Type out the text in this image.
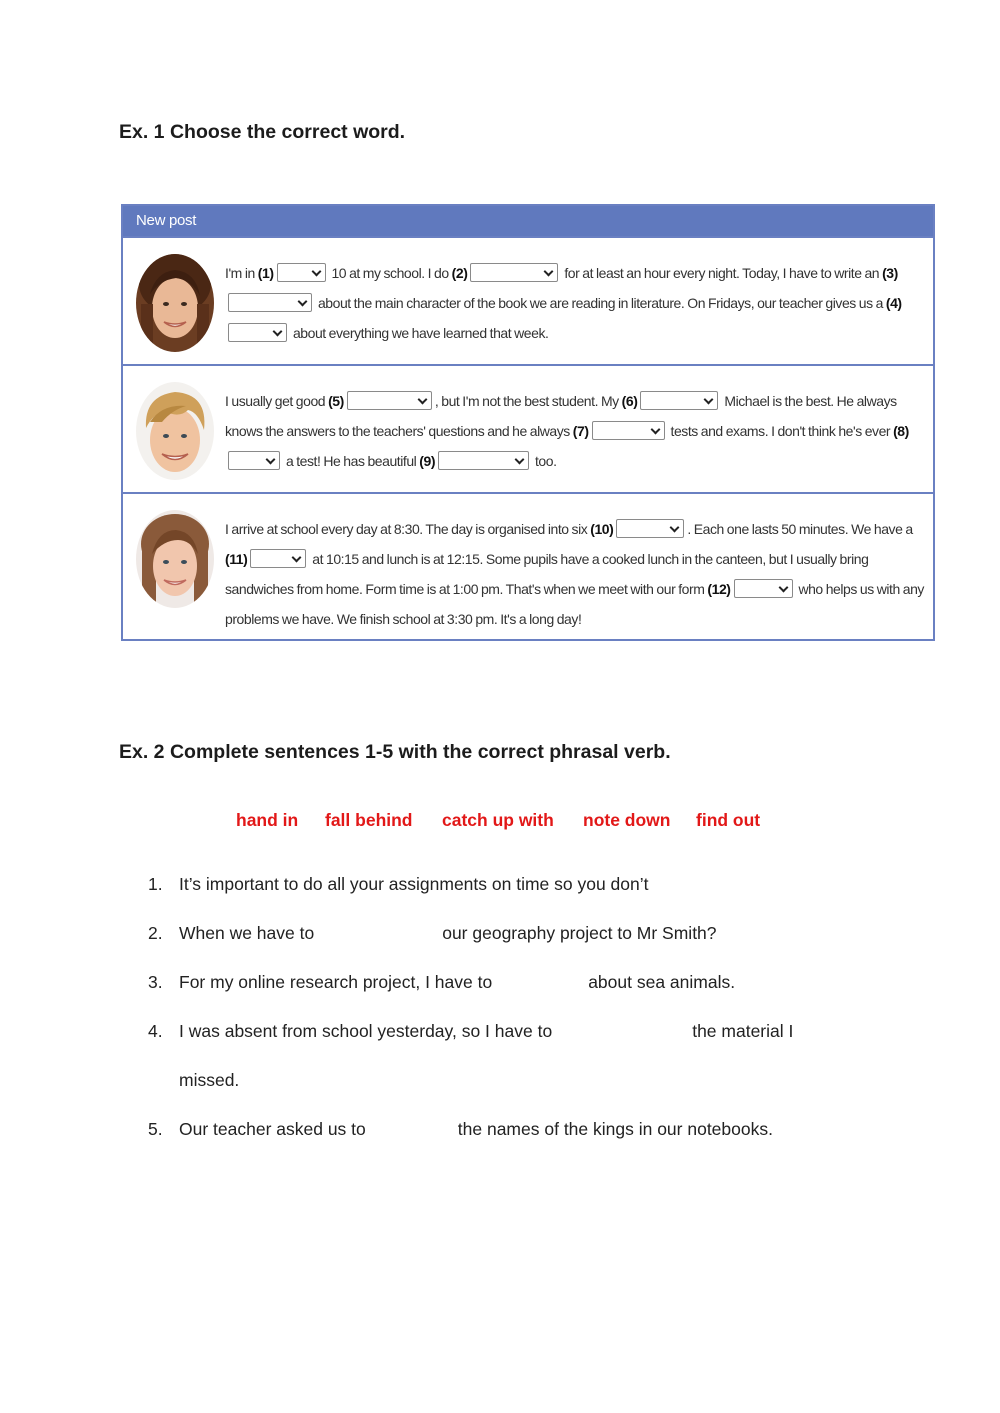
Ex. 1 Choose the correct word.
New post
I'm in (1)	10 at my school. I do (2)	for at least an hour every night. Today, I have to write an (3) about the main character of the book we are reading in literature. On Fridays, our teacher gives us a (4) about everything we have learned that week.
I usually get good (5)	, but I'm not the best student. My (6)	Michael is the best. He always knows the answers to the teachers' questions and he always (7)	tests and exams. I don't think he's ever (8) a test! He has beautiful (9)	too.
I arrive at school every day at 8:30. The day is organised into six (10)	. Each one lasts 50 minutes. We have a (11)	at 10:15 and lunch is at 12:15. Some pupils have a cooked lunch in the canteen, but I usually bring sandwiches from home. Form time is at 1:00 pm. That's when we meet with our form (12)	who helps us with any problems we have. We finish school at 3:30 pm. It's a long day!
Ex. 2 Complete sentences 1-5 with the correct phrasal verb.
hand in fall behind catch up with note down find out
1. It’s important to do all your assignments on time so you don’t
2. When we have to	our geography project to Mr Smith?
3. For my online research project, I have to	about sea animals.
4. I was absent from school yesterday, so I have to	the material I
missed.
5. Our teacher asked us to	the names of the kings in our notebooks.
